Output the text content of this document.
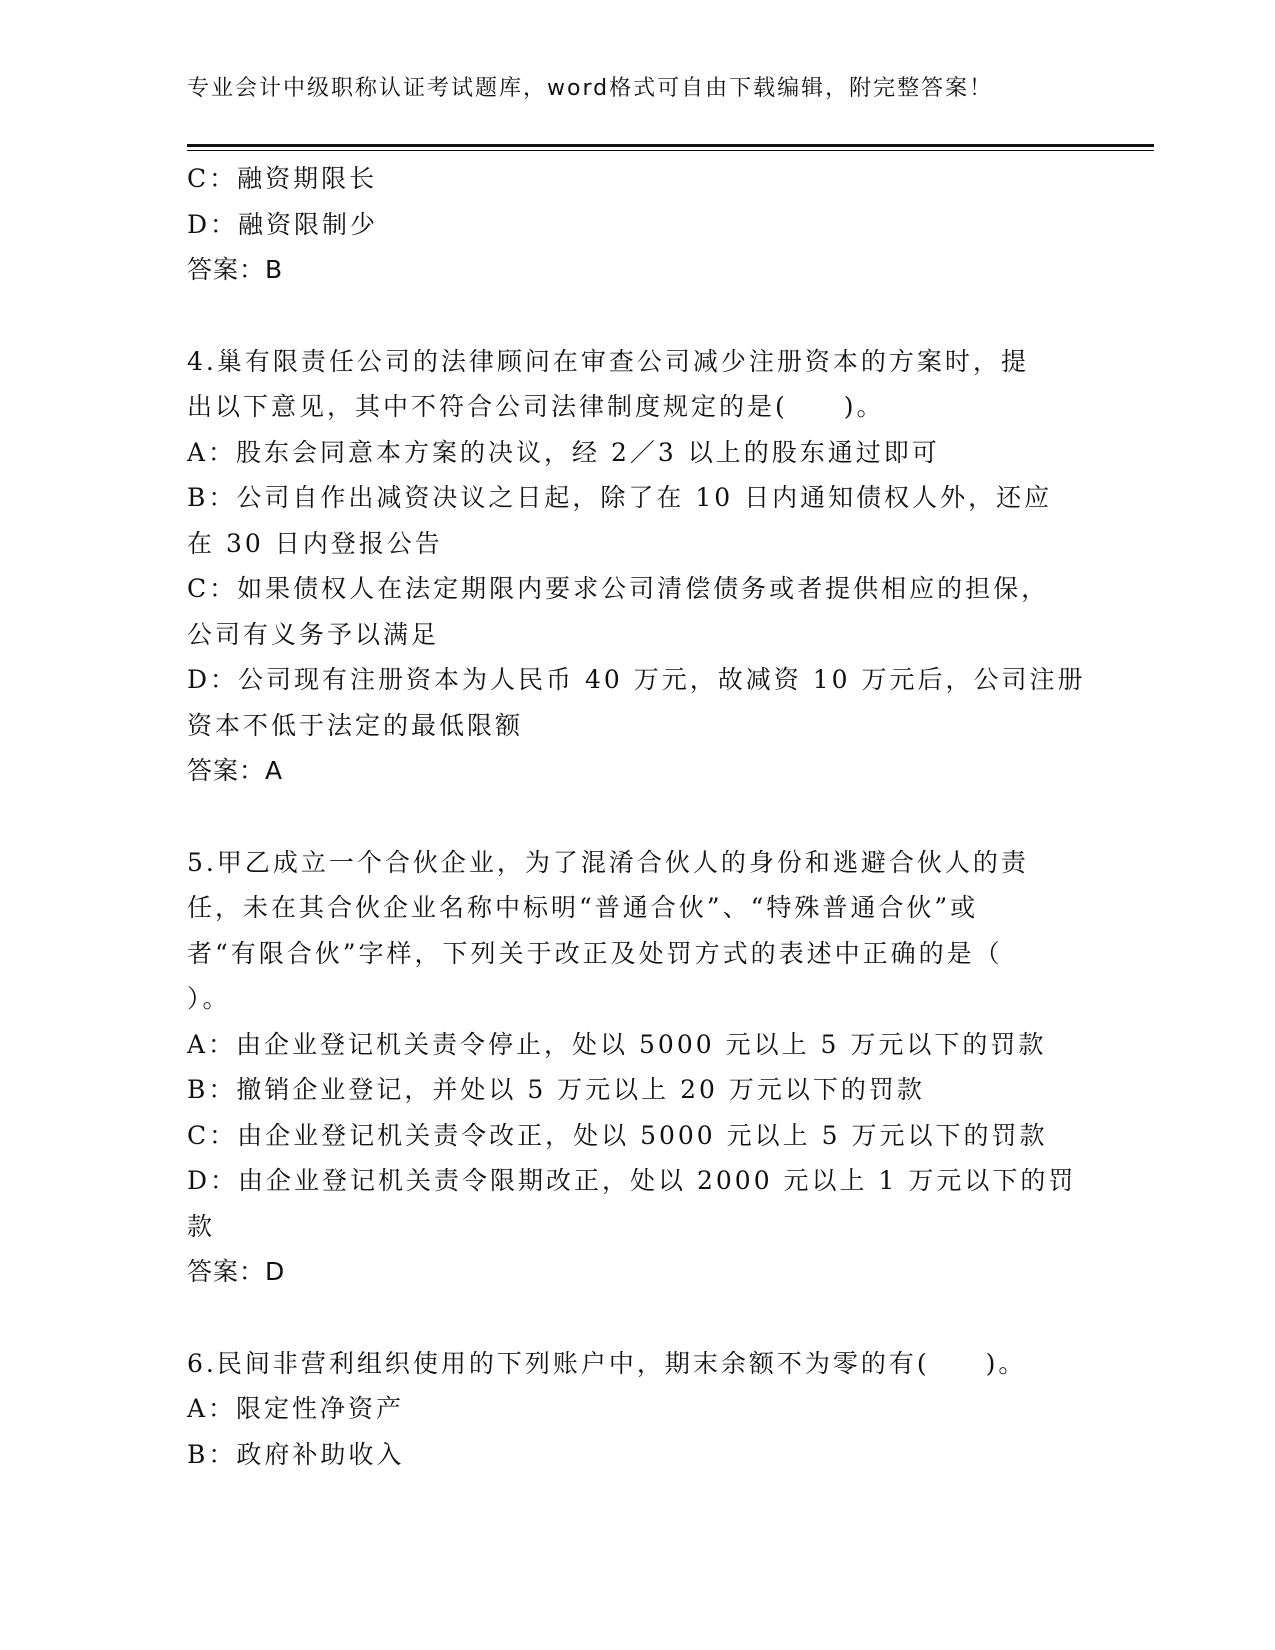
专业会计中级职称认证考试题库，word格式可自由下载编辑，附完整答案！
C：融资期限长
D：融资限制少
答案：B
4.巢有限责任公司的法律顾问在审查公司减少注册资本的方案时，提
出以下意见，其中不符合公司法律制度规定的是(　　)。
A：股东会同意本方案的决议，经 2／3 以上的股东通过即可
B：公司自作出减资决议之日起，除了在 10 日内通知债权人外，还应
在 30 日内登报公告
C：如果债权人在法定期限内要求公司清偿债务或者提供相应的担保，
公司有义务予以满足
D：公司现有注册资本为人民币 40 万元，故减资 10 万元后，公司注册
资本不低于法定的最低限额
答案：A
5.甲乙成立一个合伙企业，为了混淆合伙人的身份和逃避合伙人的责
任，未在其合伙企业名称中标明“普通合伙”、“特殊普通合伙”或
者“有限合伙”字样，下列关于改正及处罚方式的表述中正确的是（
）。
A：由企业登记机关责令停止，处以 5000 元以上 5 万元以下的罚款
B：撤销企业登记，并处以 5 万元以上 20 万元以下的罚款
C：由企业登记机关责令改正，处以 5000 元以上 5 万元以下的罚款
D：由企业登记机关责令限期改正，处以 2000 元以上 1 万元以下的罚
款
答案：D
6.民间非营利组织使用的下列账户中，期末余额不为零的有(　　)。
A：限定性净资产
B：政府补助收入
